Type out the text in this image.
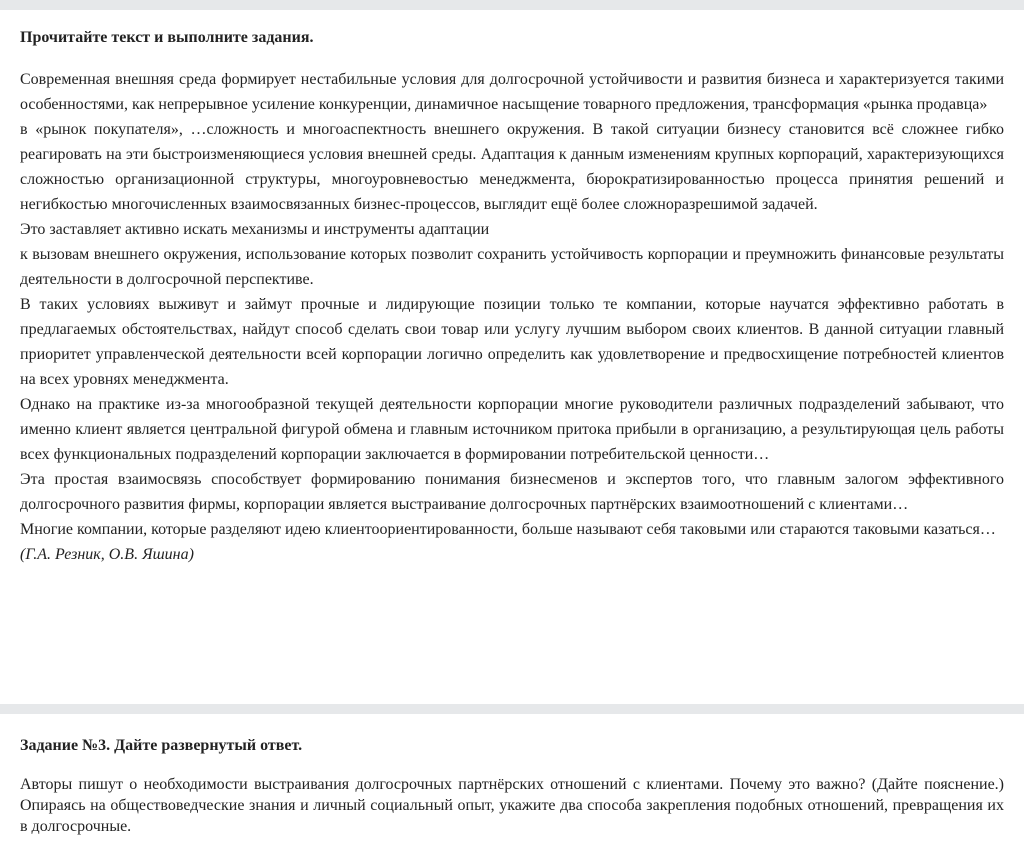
Прочитайте текст и выполните задания.

Современная внешняя среда формирует нестабильные условия для долгосрочной устойчивости и развития бизнеса и характеризуется такими особенностями, как непрерывное усиление конкуренции, динамичное насыщение товарного предложения, трансформация «рынка продавца»

в «рынок покупателя», …сложность и многоаспектность внешнего окружения. В такой ситуации бизнесу становится всё сложнее гибко реагировать на эти быстроизменяющиеся условия внешней среды. Адаптация к данным изменениям крупных корпораций, характеризующихся сложностью организационной структуры, многоуровневостью менеджмента, бюрократизированностью процесса принятия решений и негибкостью многочисленных взаимосвязанных бизнес-процессов, выглядит ещё более сложноразрешимой задачей.

Это заставляет активно искать механизмы и инструменты адаптации

к вызовам внешнего окружения, использование которых позволит сохранить устойчивость корпорации и преумножить финансовые результаты деятельности в долгосрочной перспективе.

В таких условиях выживут и займут прочные и лидирующие позиции только те компании, которые научатся эффективно работать в предлагаемых обстоятельствах, найдут способ сделать свои товар или услугу лучшим выбором своих клиентов. В данной ситуации главный приоритет управленческой деятельности всей корпорации логично определить как удовлетворение и предвосхищение потребностей клиентов на всех уровнях менеджмента.

Однако на практике из-за многообразной текущей деятельности корпорации многие руководители различных подразделений забывают, что именно клиент является центральной фигурой обмена и главным источником притока прибыли в организацию, а результирующая цель работы всех функциональных подразделений корпорации заключается в формировании потребительской ценности…

Эта простая взаимосвязь способствует формированию понимания бизнесменов и экспертов того, что главным залогом эффективного долгосрочного развития фирмы, корпорации является выстраивание долгосрочных партнёрских взаимоотношений с клиентами…

Многие компании, которые разделяют идею клиентоориентированности, больше называют себя таковыми или стараются таковыми казаться…

(Г.А. Резник, О.В. Яшина)

Задание №3. Дайте развернутый ответ.

Авторы пишут о необходимости выстраивания долгосрочных партнёрских отношений с клиентами. Почему это важно? (Дайте пояснение.) Опираясь на обществоведческие знания и личный социальный опыт, укажите два способа закрепления подобных отношений, превращения их в долгосрочные.
